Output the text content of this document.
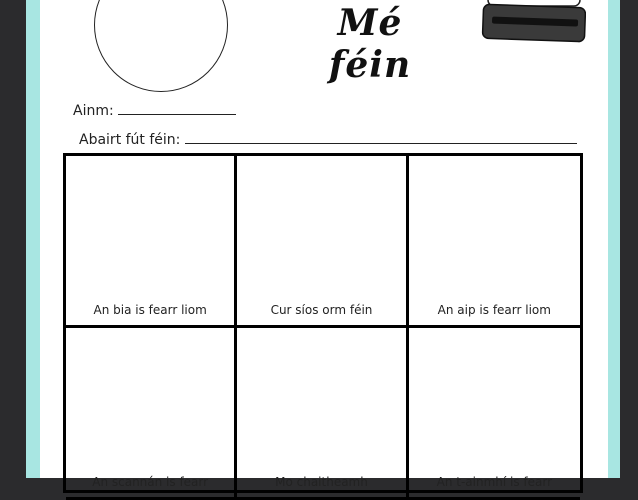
Mé féin
Ainm:
Abairt fút féin:
An bia is fearr liom	Cur síos orm féin	An aip is fearr liom
An scannán is fearr	Mo chaitheamh	An t-ainmhí is fearr
